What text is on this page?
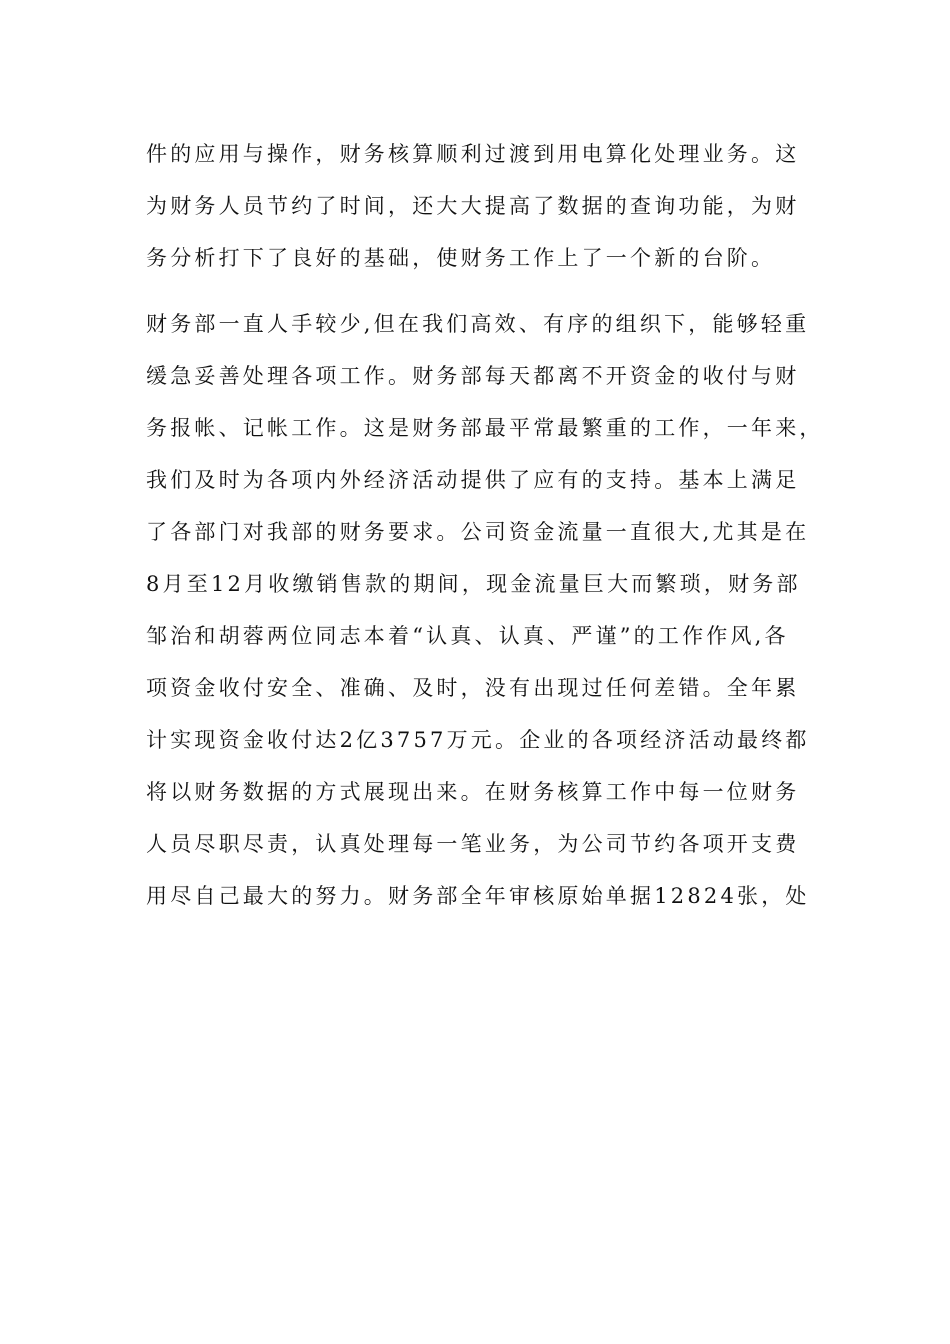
件的应用与操作，财务核算顺利过渡到用电算化处理业务。这
为财务人员节约了时间，还大大提高了数据的查询功能，为财
务分析打下了良好的基础，使财务工作上了一个新的台阶。
财务部一直人手较少,但在我们高效、有序的组织下，能够轻重
缓急妥善处理各项工作。财务部每天都离不开资金的收付与财
务报帐、记帐工作。这是财务部最平常最繁重的工作，一年来，
我们及时为各项内外经济活动提供了应有的支持。基本上满足
了各部门对我部的财务要求。公司资金流量一直很大,尤其是在
8月至12月收缴销售款的期间，现金流量巨大而繁琐，财务部
邹治和胡蓉两位同志本着“认真、认真、严谨”的工作作风,各
项资金收付安全、准确、及时，没有出现过任何差错。全年累
计实现资金收付达2亿3757万元。企业的各项经济活动最终都
将以财务数据的方式展现出来。在财务核算工作中每一位财务
人员尽职尽责，认真处理每一笔业务，为公司节约各项开支费
用尽自己最大的努力。财务部全年审核原始单据12824张，处
